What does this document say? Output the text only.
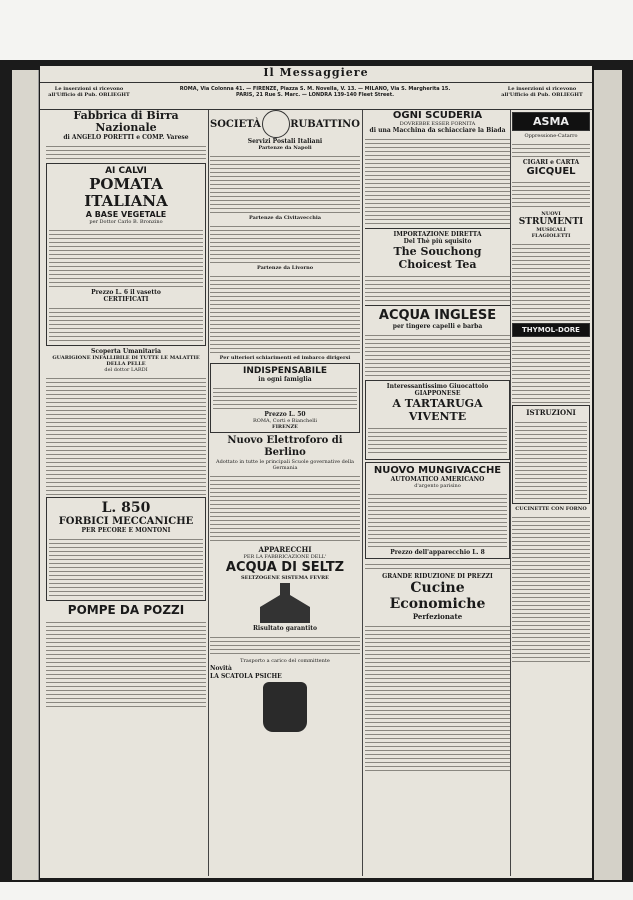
Il Messaggiere
Le inserzioni si ricevono all'Ufficio di Pub. OBLIEGHT
ROMA, Via Colonna 41. — FIRENZE, Piazza S. M. Novella, V. 13. — MILANO, Via S. Margherita 15.
PARIS, 21 Rue S. Marc. — LONDRA 139-140 Fleet Street.
Le inserzioni si ricevono all'Ufficio di Pub. OBLIEGHT

Fabbrica di Birra Nazionale

di ANGELO PORETTI e COMP. Varese

AI CALVI

POMATA ITALIANA

A BASE VEGETALE

per Dottor Carlo B. Bronzino

Prezzo L. 6 il vasetto

CERTIFICATI

Scoperta Umanitaria

GUARIGIONE INFALLIBILE DI TUTTE LE MALATTIE DELLA PELLE

del dottor LARDI

L. 850

FORBICI MECCANICHE

PER PECORE E MONTONI

POMPE DA POZZI

SOCIETÀ	RUBATTINO

Servizi Postali Italiani

Partenze da Napoli

Partenze da Civitavecchia

Partenze da Livorno

Per ulteriori schiarimenti ed imbarco dirigersi

INDISPENSABILE

in ogni famiglia

Prezzo L. 50

ROMA, Corti e Bianchelli

FIRENZE

Nuovo Elettroforo di Berlino

Adottato in tutte le principali Scuole governative della Germania

APPARECCHI

PER LA FABBRICAZIONE DELL'

ACQUA DI SELTZ

SELTZOGENE SISTEMA FEVRE

Risultato garantito

Trasporto a carico del committente

Novità

LA SCATOLA PSICHE

OGNI SCUDERIA

DOVREBBE ESSER FORNITA

di una Macchina da schiacciare la Biada

IMPORTAZIONE DIRETTA

Del Thè più squisito

The Souchong Choicest Tea

ACQUA INGLESE

per tingere capelli e barba

Interessantissimo Giuocattolo

GIAPPONESE

A TARTARUGA VIVENTE

NUOVO MUNGIVACCHE

AUTOMATICO AMERICANO

d'argento parisino

Prezzo dell'apparecchio L. 8

GRANDE RIDUZIONE DI PREZZI

Cucine Economiche

Perfezionate

ASMA

Oppressione-Catarro

CIGARI e CARTA

GICQUEL

NUOVI

STRUMENTI

MUSICALI

FLAGIOLETTI

THYMOL-DORE

ISTRUZIONI

CUCINETTE CON FORNO
